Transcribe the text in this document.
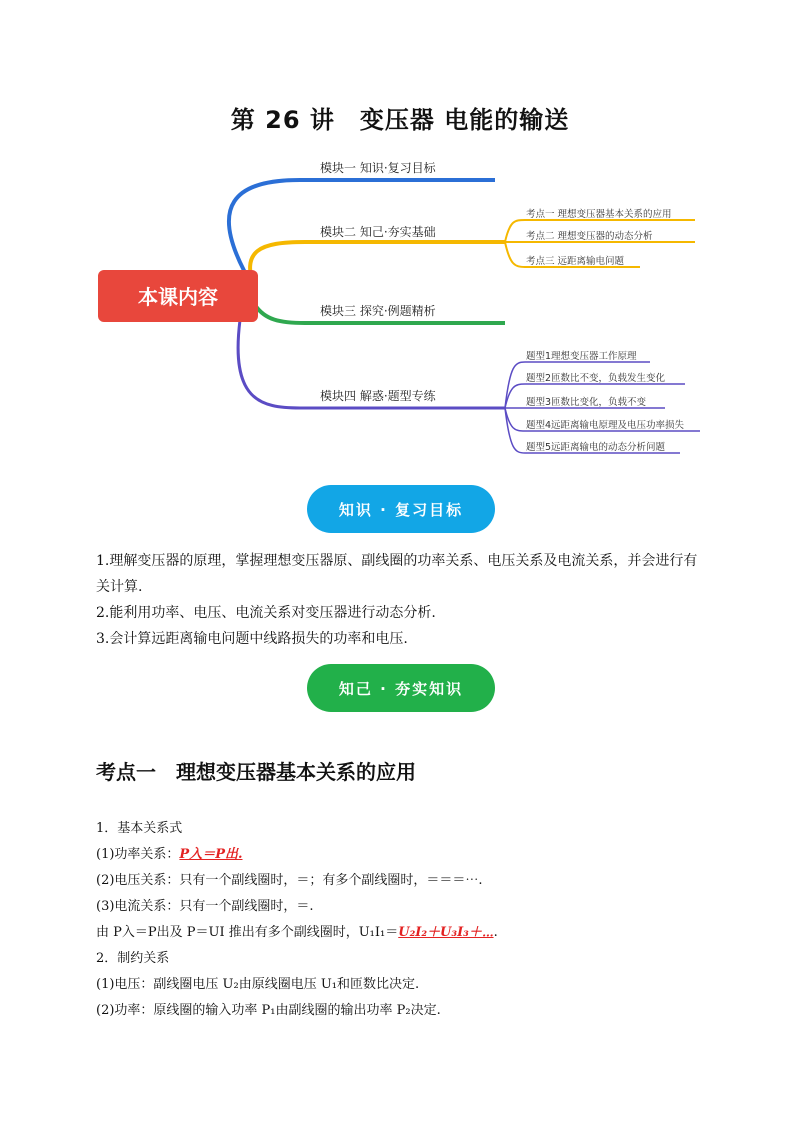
第 26 讲　变压器 电能的输送
本课内容
模块一 知识·复习目标
模块二 知己·夯实基础
模块三 探究·例题精析
模块四 解惑·题型专练
考点一 理想变压器基本关系的应用
考点二 理想变压器的动态分析
考点三 远距离输电问题
题型1理想变压器工作原理
题型2匝数比不变，负载发生变化
题型3匝数比变化，负载不变
题型4远距离输电原理及电压功率损失
题型5远距离输电的动态分析问题
知识 · 复习目标
1.理解变压器的原理，掌握理想变压器原、副线圈的功率关系、电压关系及电流关系，并会进行有关计算.
2.能利用功率、电压、电流关系对变压器进行动态分析.
3.会计算远距离输电问题中线路损失的功率和电压.
知己 · 夯实知识
考点一　理想变压器基本关系的应用
1．基本关系式
(1)功率关系：P入＝P出.
(2)电压关系：只有一个副线圈时，＝；有多个副线圈时，＝＝＝⋯.
(3)电流关系：只有一个副线圈时，＝.
由 P入＝P出及 P＝UI 推出有多个副线圈时，U₁I₁＝U₂I₂＋U₃I₃＋⋯.
2．制约关系
(1)电压：副线圈电压 U₂由原线圈电压 U₁和匝数比决定.
(2)功率：原线圈的输入功率 P₁由副线圈的输出功率 P₂决定.
